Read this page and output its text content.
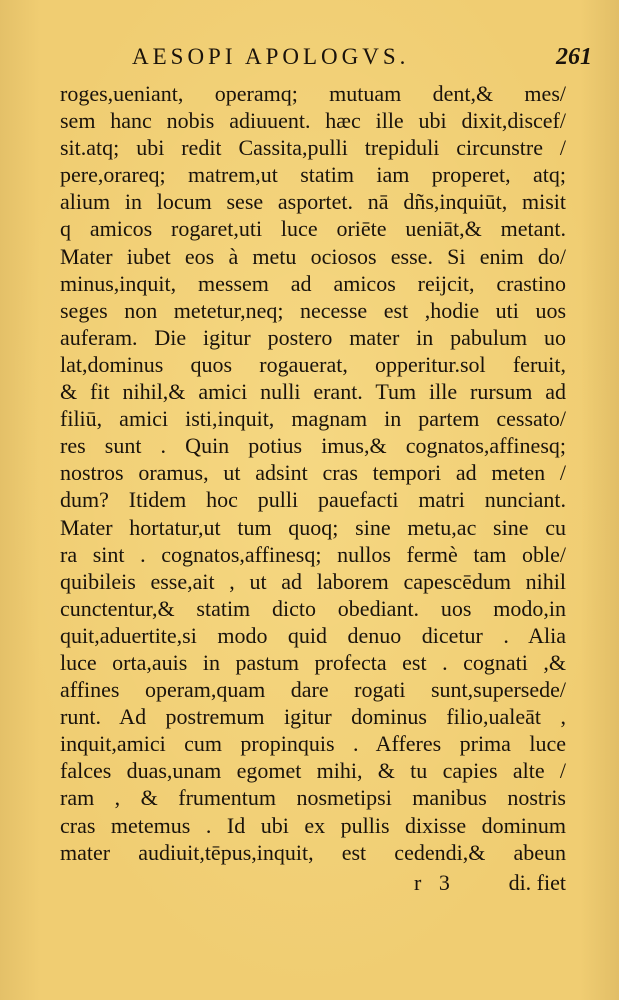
AESOPI APOLOGVS.	261
roges,ueniant, operamq; mutuam dent,& mes/
sem hanc nobis adiuuent. hæc ille ubi dixit,discef/
sit.atq; ubi redit Cassita,pulli trepiduli circunstre /
pere,orareq; matrem,ut statim iam properet, atq;
alium in locum sese asportet. nā dñs,inquiūt, misit
q amicos rogaret,uti luce oriēte ueniāt,& metant.
Mater iubet eos à metu ociosos esse. Si enim do/
minus,inquit, messem ad amicos reijcit, crastino
seges non metetur,neq; necesse est ,hodie uti uos
auferam. Die igitur postero mater in pabulum uo
lat,dominus quos rogauerat, opperitur.sol feruit,
& fit nihil,& amici nulli erant. Tum ille rursum ad
filiū, amici isti,inquit, magnam in partem cessato/
res sunt . Quin potius imus,& cognatos,affinesq;
nostros oramus, ut adsint cras tempori ad meten /
dum? Itidem hoc pulli pauefacti matri nunciant.
Mater hortatur,ut tum quoq; sine metu,ac sine cu
ra sint . cognatos,affinesq; nullos fermè tam oble/
quibileis esse,ait , ut ad laborem capescēdum nihil
cunctentur,& statim dicto obediant. uos modo,in
quit,aduertite,si modo quid denuo dicetur . Alia
luce orta,auis in pastum profecta est . cognati ,&
affines operam,quam dare rogati sunt,supersede/
runt. Ad postremum igitur dominus filio,ualeāt ,
inquit,amici cum propinquis . Afferes prima luce
falces duas,unam egomet mihi, & tu capies alte /
ram , & frumentum nosmetipsi manibus nostris
cras metemus . Id ubi ex pullis dixisse dominum
mater audiuit,tēpus,inquit, est cedendi,& abeun
r 3 di. fiet
